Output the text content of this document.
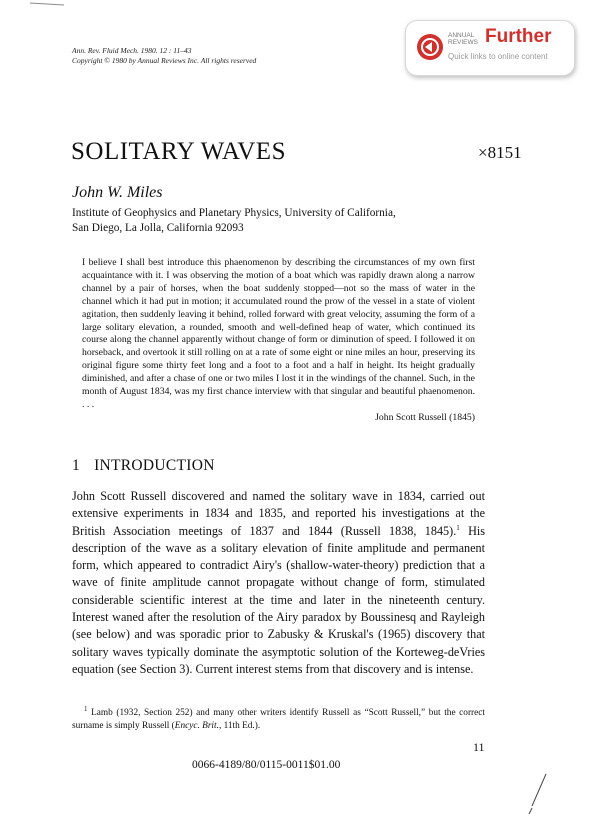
Ann. Rev. Fluid Mech. 1980. 12 : 11–43
Copyright © 1980 by Annual Reviews Inc. All rights reserved
ANNUAL
REVIEWS Further
Quick links to online content
SOLITARY WAVES	×8151
John W. Miles
Institute of Geophysics and Planetary Physics, University of California,
San Diego, La Jolla, California 92093
I believe I shall best introduce this phaenomenon by describing the circumstances of my own first acquaintance with it. I was observing the motion of a boat which was rapidly drawn along a narrow channel by a pair of horses, when the boat suddenly stopped—not so the mass of water in the channel which it had put in motion; it accumulated round the prow of the vessel in a state of violent agitation, then suddenly leaving it behind, rolled forward with great velocity, assuming the form of a large solitary elevation, a rounded, smooth and well-defined heap of water, which continued its course along the channel apparently without change of form or diminution of speed. I followed it on horseback, and overtook it still rolling on at a rate of some eight or nine miles an hour, preserving its original figure some thirty feet long and a foot to a foot and a half in height. Its height gradually diminished, and after a chase of one or two miles I lost it in the windings of the channel. Such, in the month of August 1834, was my first chance interview with that singular and beautiful phaenomenon. . . .
John Scott Russell (1845)
1 INTRODUCTION
John Scott Russell discovered and named the solitary wave in 1834, carried out extensive experiments in 1834 and 1835, and reported his investigations at the British Association meetings of 1837 and 1844 (Russell 1838, 1845).$^1$ His description of the wave as a solitary elevation of finite amplitude and permanent form, which appeared to contradict Airy's (shallow-water-theory) prediction that a wave of finite amplitude cannot propagate without change of form, stimulated considerable scientific interest at the time and later in the nineteenth century. Interest waned after the resolution of the Airy paradox by Boussinesq and Rayleigh (see below) and was sporadic prior to Zabusky & Kruskal's (1965) discovery that solitary waves typically dominate the asymptotic solution of the Korteweg-deVries equation (see Section 3). Current interest stems from that discovery and is intense.
$^1$ Lamb (1932, Section 252) and many other writers identify Russell as “Scott Russell,” but the correct surname is simply Russell (Encyc. Brit., 11th Ed.).
11
0066-4189/80/0115-0011$01.00
